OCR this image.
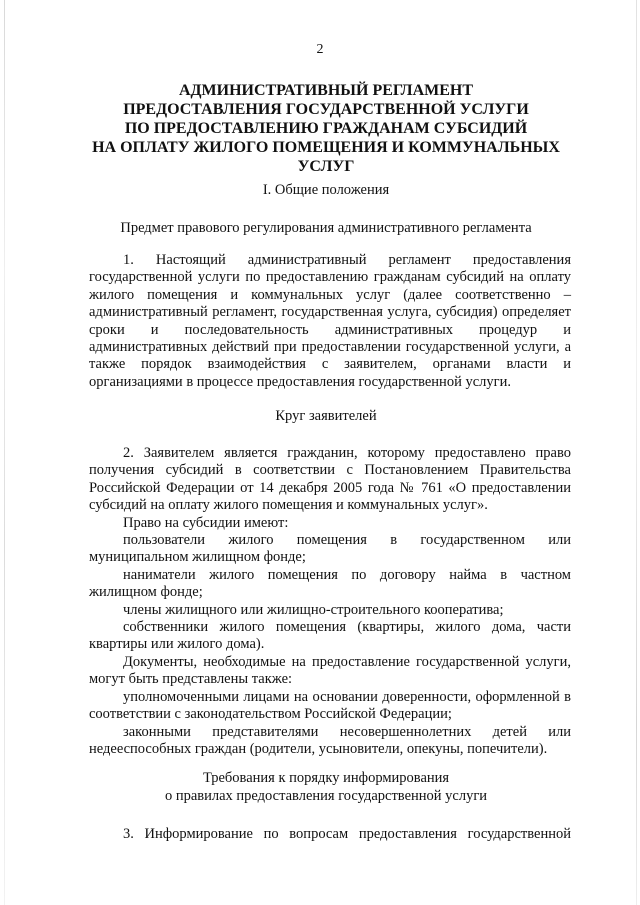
2
АДМИНИСТРАТИВНЫЙ РЕГЛАМЕНТ
ПРЕДОСТАВЛЕНИЯ ГОСУДАРСТВЕННОЙ УСЛУГИ
ПО ПРЕДОСТАВЛЕНИЮ ГРАЖДАНАМ СУБСИДИЙ
НА ОПЛАТУ ЖИЛОГО ПОМЕЩЕНИЯ И КОММУНАЛЬНЫХ
УСЛУГ
I. Общие положения
Предмет правового регулирования административного регламента

1. Настоящий административный регламент предоставления государственной услуги по предоставлению гражданам субсидий на оплату жилого помещения и коммунальных услуг (далее соответственно – административный регламент, государственная услуга, субсидия) определяет сроки и последовательность административных процедур и административных действий при предоставлении государственной услуги, а также порядок взаимодействия с заявителем, органами власти и организациями в процессе предоставления государственной услуги.

Круг заявителей

2. Заявителем является гражданин, которому предоставлено право получения субсидий в соответствии с Постановлением Правительства Российской Федерации от 14 декабря 2005 года № 761 «О предоставлении субсидий на оплату жилого помещения и коммунальных услуг».

Право на субсидии имеют:

пользователи жилого помещения в государственном или муниципальном жилищном фонде;

наниматели жилого помещения по договору найма в частном жилищном фонде;

члены жилищного или жилищно-строительного кооператива;

собственники жилого помещения (квартиры, жилого дома, части квартиры или жилого дома).

Документы, необходимые на предоставление государственной услуги, могут быть представлены также:

уполномоченными лицами на основании доверенности, оформленной в соответствии с законодательством Российской Федерации;

законными представителями несовершеннолетних детей или недееспособных граждан (родители, усыновители, опекуны, попечители).

Требования к порядку информирования
о правилах предоставления государственной услуги

3. Информирование по вопросам предоставления государственной
